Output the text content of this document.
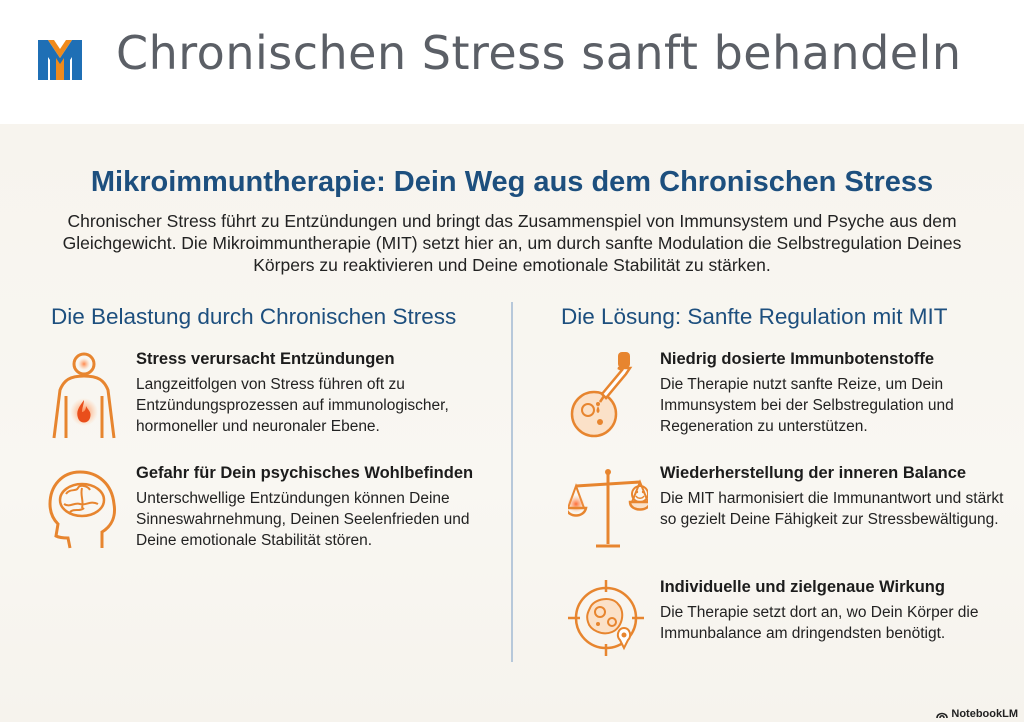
Chronischen Stress sanft behandeln
Mikroimmuntherapie: Dein Weg aus dem Chronischen Stress
Chronischer Stress führt zu Entzündungen und bringt das Zusammenspiel von Immunsystem und Psyche aus dem Gleichgewicht. Die Mikroimmuntherapie (MIT) setzt hier an, um durch sanfte Modulation die Selbstregulation Deines Körpers zu reaktivieren und Deine emotionale Stabilität zu stärken.
Die Belastung durch Chronischen Stress	Die Lösung: Sanfte Regulation mit MIT
Stress verursacht Entzündungen
Langzeitfolgen von Stress führen oft zu Entzündungsprozessen auf immunologischer, hormoneller und neuronaler Ebene.
Gefahr für Dein psychisches Wohlbefinden
Unterschwellige Entzündungen können Deine Sinneswahrnehmung, Deinen Seelenfrieden und Deine emotionale Stabilität stören.
Niedrig dosierte Immunbotenstoffe
Die Therapie nutzt sanfte Reize, um Dein Immunsystem bei der Selbstregulation und Regeneration zu unterstützen.
Wiederherstellung der inneren Balance
Die MIT harmonisiert die Immunantwort und stärkt so gezielt Deine Fähigkeit zur Stressbewältigung.
Individuelle und zielgenaue Wirkung
Die Therapie setzt dort an, wo Dein Körper die Immunbalance am dringendsten benötigt.
NotebookLM
